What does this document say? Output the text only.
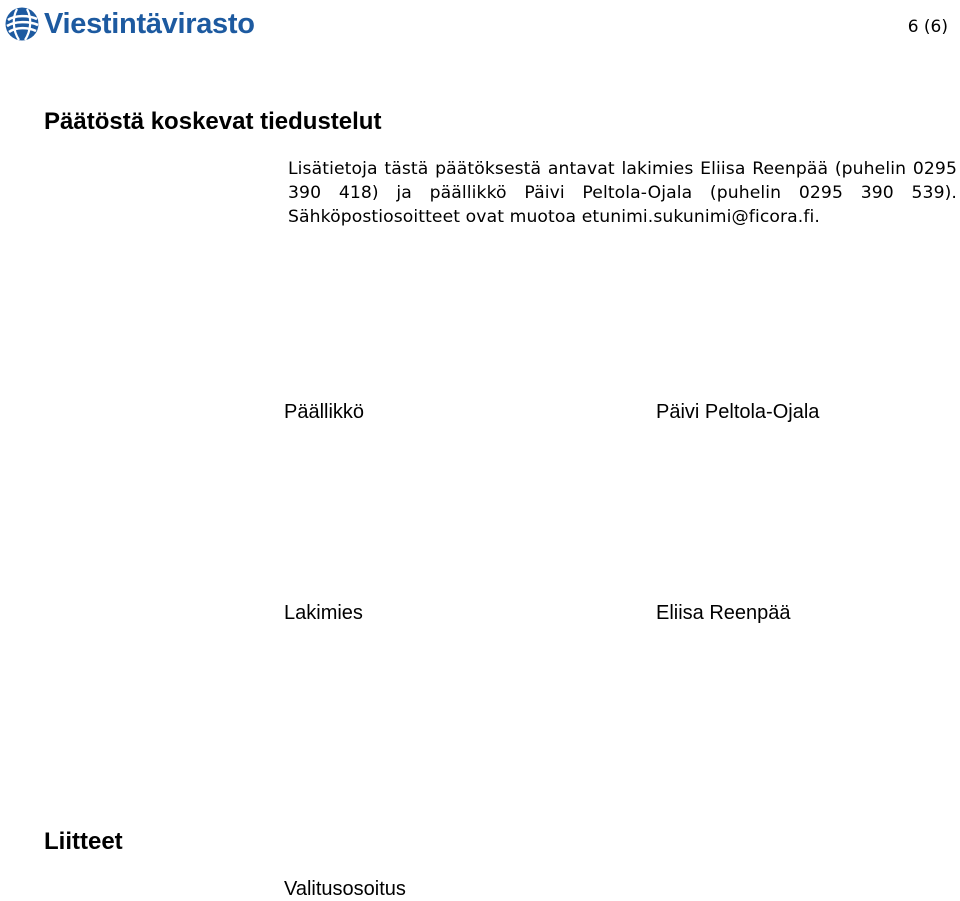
Viestintävirasto	6 (6)
Päätöstä koskevat tiedustelut

Lisätietoja tästä päätöksestä antavat lakimies Eliisa Reenpää (puhelin 0295 390 418) ja päällikkö Päivi Peltola-Ojala (puhelin 0295 390 539). Sähköpostiosoitteet ovat muotoa etunimi.sukunimi@ficora.fi.

Päällikkö	Päivi Peltola-Ojala
Lakimies	Eliisa Reenpää
Liitteet
Valitusosoitus
